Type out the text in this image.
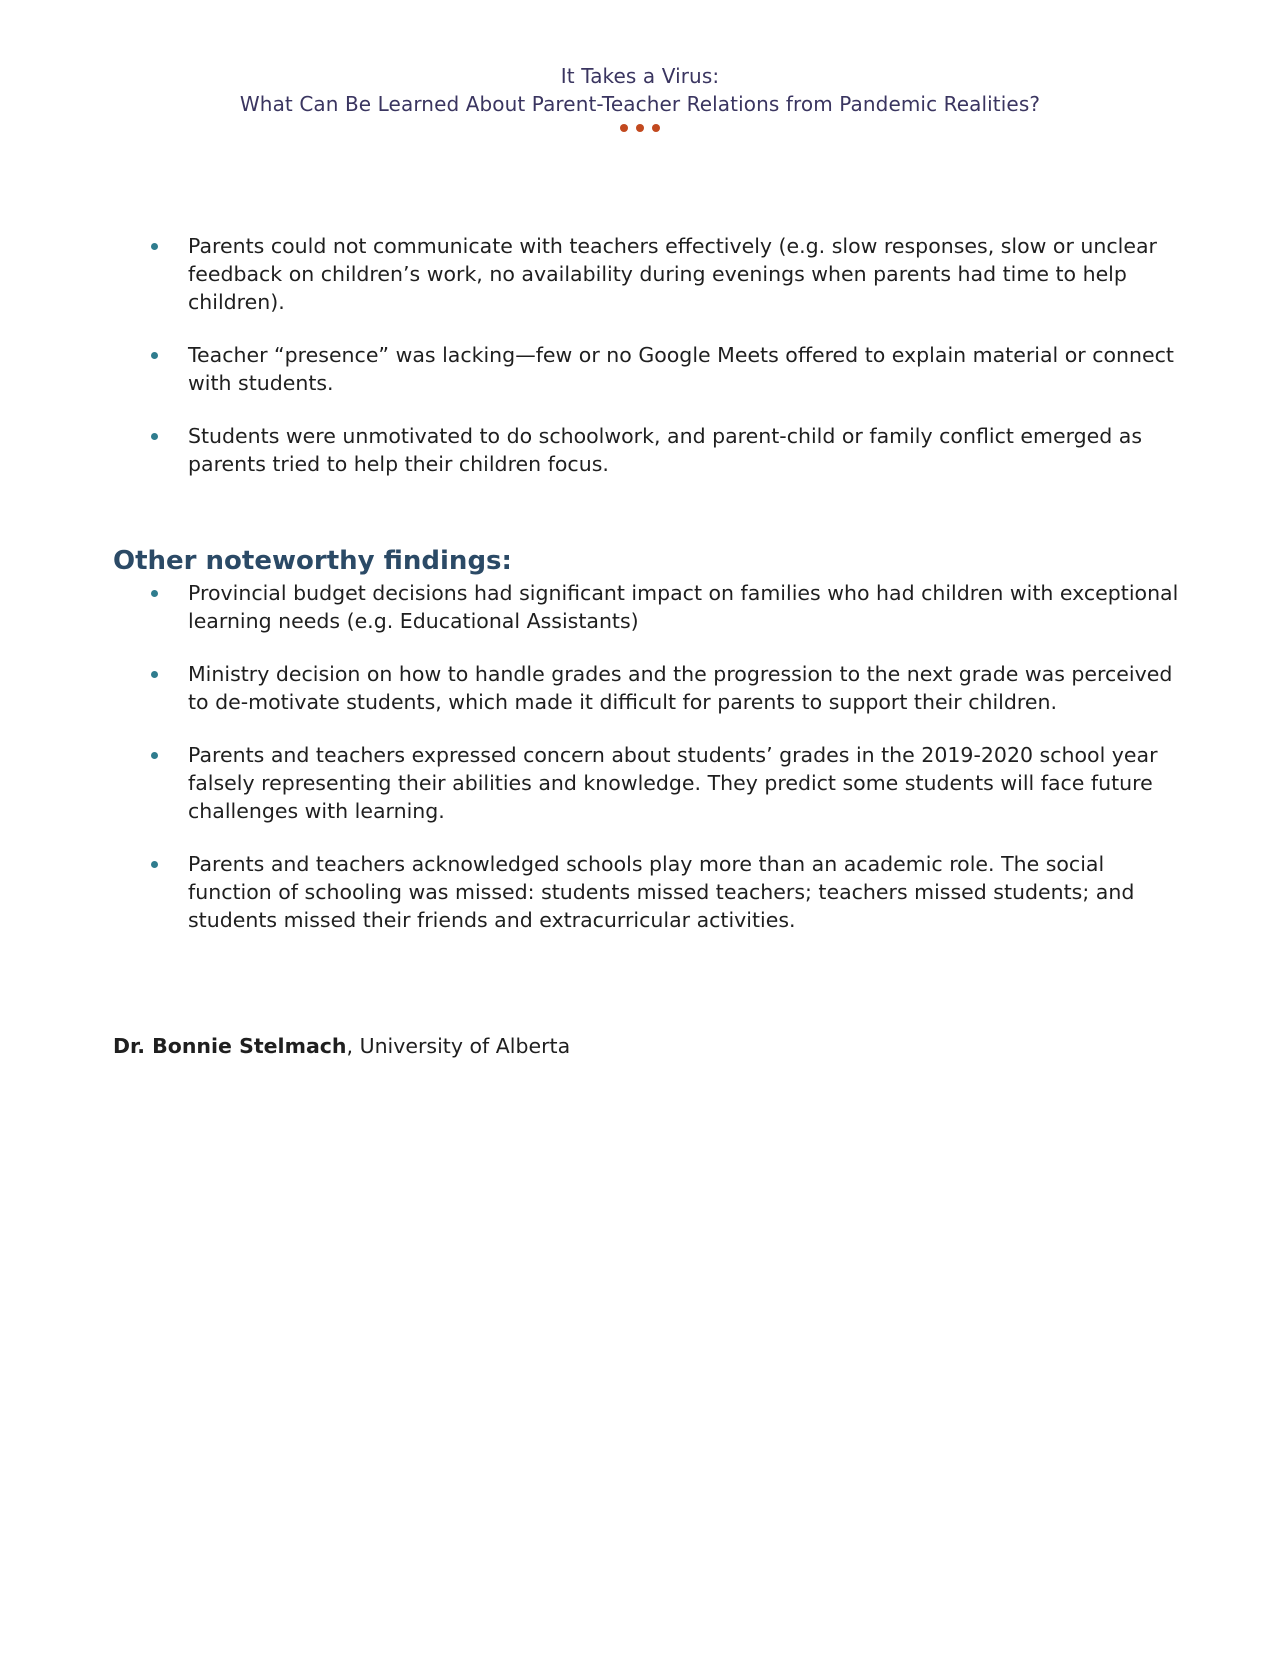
It Takes a Virus:
What Can Be Learned About Parent-Teacher Relations from Pandemic Realities?
Parents could not communicate with teachers effectively (e.g. slow responses, slow or unclear feedback on children’s work, no availability during evenings when parents had time to help children).
Teacher “presence” was lacking—few or no Google Meets offered to explain material or connect with students.
Students were unmotivated to do schoolwork, and parent-child or family conflict emerged as parents tried to help their children focus.
Other noteworthy findings:
Provincial budget decisions had significant impact on families who had children with exceptional learning needs (e.g. Educational Assistants)
Ministry decision on how to handle grades and the progression to the next grade was perceived to de-motivate students, which made it difficult for parents to support their children.
Parents and teachers expressed concern about students’ grades in the 2019-2020 school year falsely representing their abilities and knowledge. They predict some students will face future challenges with learning.
Parents and teachers acknowledged schools play more than an academic role. The social function of schooling was missed: students missed teachers; teachers missed students; and students missed their friends and extracurricular activities.
Dr. Bonnie Stelmach, University of Alberta
